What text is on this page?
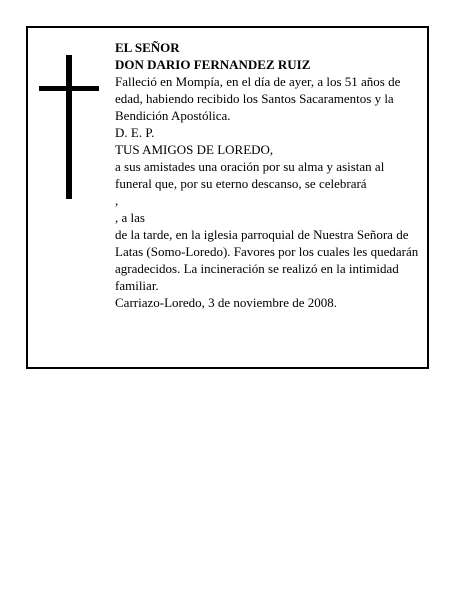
EL SEÑOR

DON DARIO FERNANDEZ RUIZ

Falleció en Mompía, en el día de ayer, a los 51 años de edad, habiendo recibido los Santos Sacaramentos y la Bendición Apostólica.

D. E. P.

TUS AMIGOS DE LOREDO,

a sus amistades una oración por su alma y asistan al funeral que, por su eterno descanso, se celebrará

,

, a las

de la tarde, en la iglesia parroquial de Nuestra Señora de Latas (Somo-Loredo). Favores por los cuales les quedarán agradecidos. La incineración se realizó en la intimidad familiar.

Carriazo-Loredo, 3 de noviembre de 2008.
